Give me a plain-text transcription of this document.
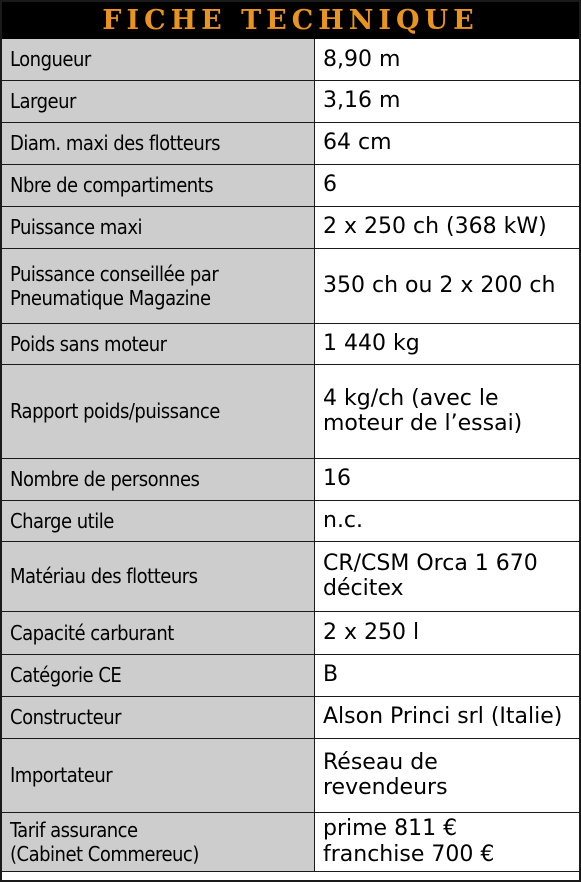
FICHE TECHNIQUE
Longueur	8,90 m
Largeur	3,16 m
Diam. maxi des flotteurs	64 cm
Nbre de compartiments	6
Puissance maxi	2 x 250 ch (368 kW)
Puissance conseillée par
Pneumatique Magazine	350 ch ou 2 x 200 ch
Poids sans moteur	1 440 kg
Rapport poids/puissance	4 kg/ch (avec le
moteur de l’essai)
Nombre de personnes	16
Charge utile	n.c.
Matériau des flotteurs	CR/CSM Orca 1 670
décitex
Capacité carburant	2 x 250 l
Catégorie CE	B
Constructeur	Alson Princi srl (Italie)
Importateur	Réseau de
revendeurs
Tarif assurance
(Cabinet Commereuc)	prime 811 €
franchise 700 €
